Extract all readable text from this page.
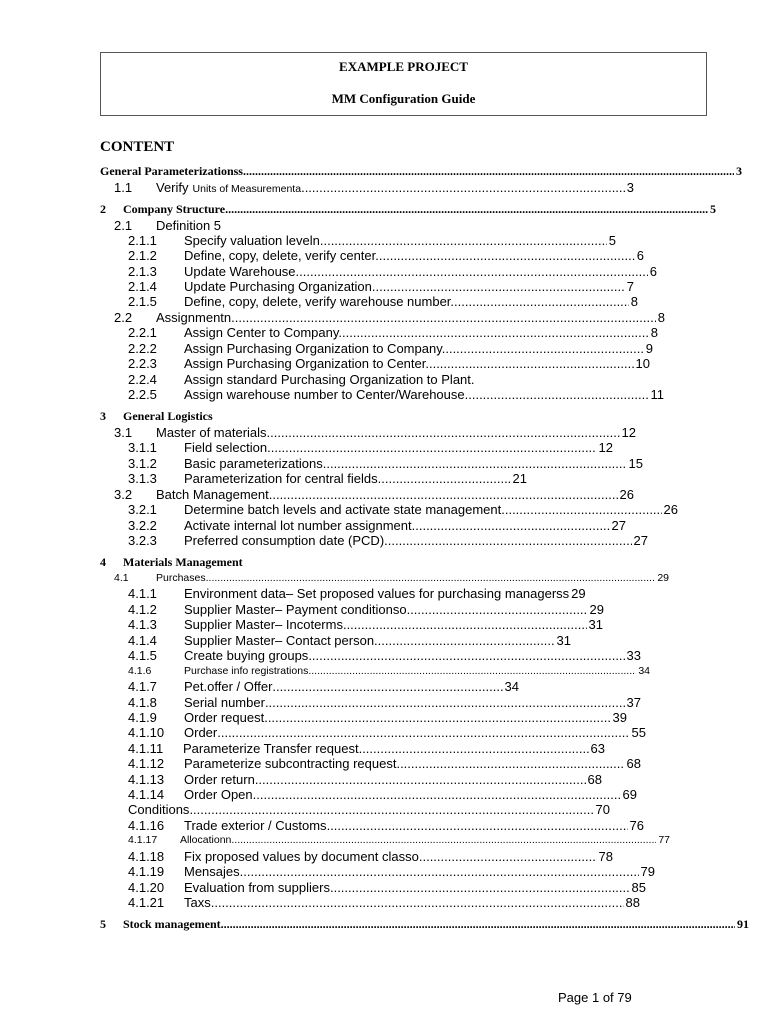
EXAMPLE PROJECT
MM Configuration Guide
CONTENT
General Parameterizationss .....	3
1.1 Verify Units of Measurementa .....	3
2 Company Structure .....	5
2.1 Definition 5
2.1.1 Specify valuation leveln .....	5
2.1.2 Define, copy, delete, verify center. .....	6
2.1.3 Update Warehouse. .....	6
2.1.4 Update Purchasing Organization. .....	7
2.1.5 Define, copy, delete, verify warehouse number. .....	8
2.2 Assignmentn .....	8
2.2.1 Assign Center to Company. .....	8
2.2.2 Assign Purchasing Organization to Company. .....	9
2.2.3 Assign Purchasing Organization to Center. .....	10
2.2.4 Assign standard Purchasing Organization to Plant.
2.2.5 Assign warehouse number to Center/Warehouse. .....	11
3 General Logistics
3.1 Master of materials .....	12
3.1.1 Field selection .....	12
3.1.2 Basic parameterizations .....	15
3.1.3 Parameterization for central fields .....	21
3.2 Batch Management .....	26
3.2.1 Determine batch levels and activate state management .....	26
3.2.2 Activate internal lot number assignment .....	27
3.2.3 Preferred consumption date (PCD). .....	27
4 Materials Management
4.1	Purchases .....	29
4.1.1 Environment data– Set proposed values for purchasing managerss 29
4.1.2 Supplier Master– Payment conditionso .....	29
4.1.3 Supplier Master– Incoterms .....	31
4.1.4 Supplier Master– Contact person .....	31
4.1.5 Create buying groups .....	33
4.1.6	Purchase info registrations .....	34
4.1.7 Pet.offer / Offer .....	34
4.1.8 Serial number .....	37
4.1.9 Order request .....	39
4.1.10 Order .....	55
4.1.11 Parameterize Transfer request .....	63
4.1.12 Parameterize subcontracting request .....	68
4.1.13 Order return .....	68
4.1.14 Order Open .....	69
Conditions .....	70
4.1.16 Trade exterior / Customs .....	76
4.1.17 Allocationn .....	77
4.1.18 Fix proposed values by document classo .....	78
4.1.19 Mensajes .....	79
4.1.20 Evaluation from suppliers .....	85
4.1.21 Taxs .....	88
5 Stock management .....	91
Page 1 of 79
